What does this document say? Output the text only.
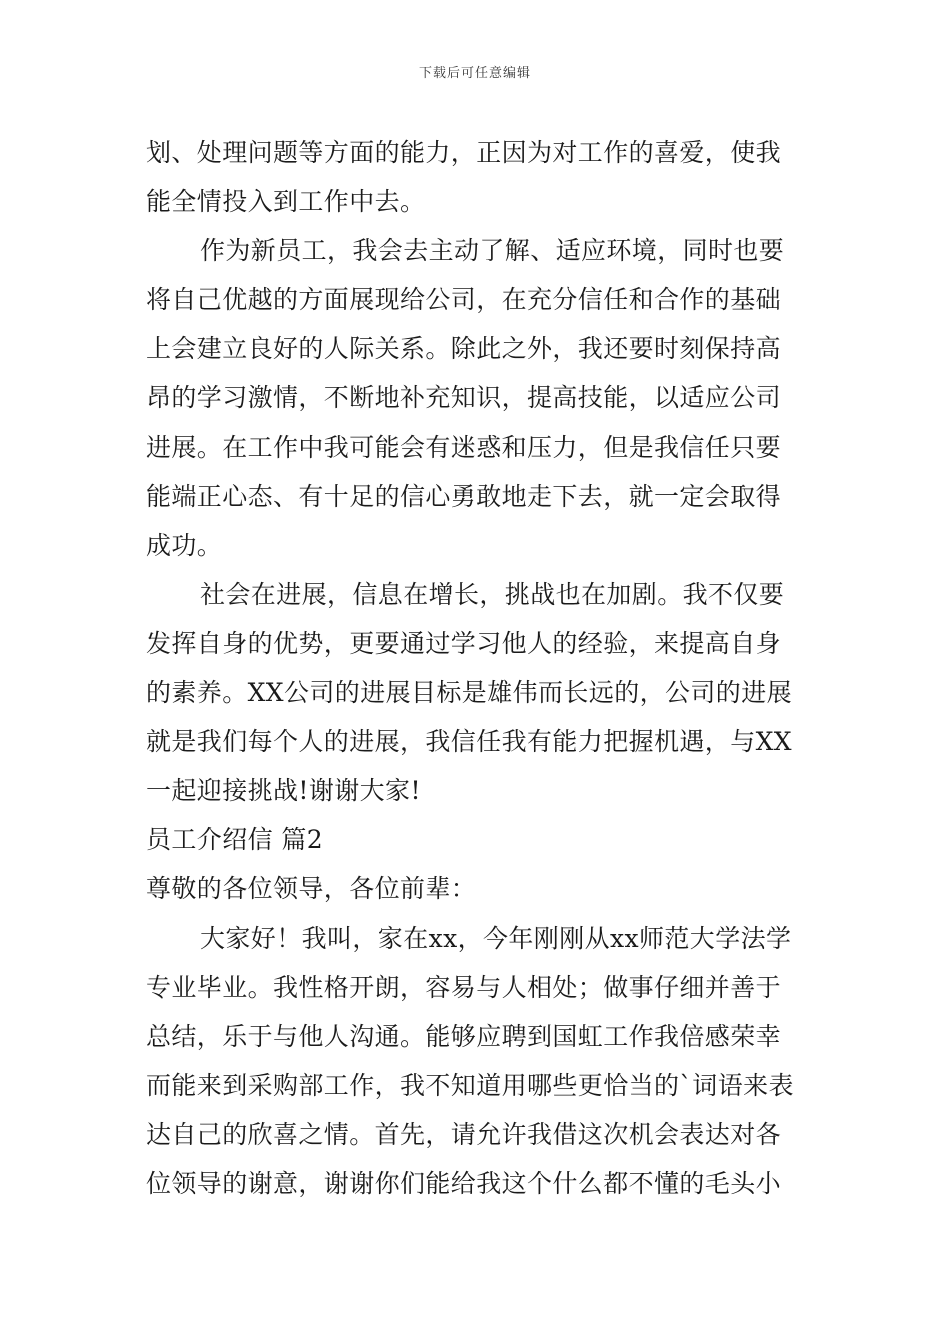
下载后可任意编辑

划、处理问题等方面的能力，正因为对工作的喜爱，使我
能全情投入到工作中去。

作为新员工，我会去主动了解、适应环境，同时也要
将自己优越的方面展现给公司，在充分信任和合作的基础
上会建立良好的人际关系。除此之外，我还要时刻保持高
昂的学习激情，不断地补充知识，提高技能，以适应公司
进展。在工作中我可能会有迷惑和压力，但是我信任只要
能端正心态、有十足的信心勇敢地走下去，就一定会取得
成功。

社会在进展，信息在增长，挑战也在加剧。我不仅要
发挥自身的优势，更要通过学习他人的经验，来提高自身
的素养。XX公司的进展目标是雄伟而长远的，公司的进展
就是我们每个人的进展，我信任我有能力把握机遇，与XX
一起迎接挑战!谢谢大家!

员工介绍信 篇2

尊敬的各位领导，各位前辈：

大家好！我叫，家在xx，今年刚刚从xx师范大学法学
专业毕业。我性格开朗，容易与人相处；做事仔细并善于
总结，乐于与他人沟通。能够应聘到国虹工作我倍感荣幸
而能来到采购部工作，我不知道用哪些更恰当的`词语来表
达自己的欣喜之情。首先，请允许我借这次机会表达对各
位领导的谢意，谢谢你们能给我这个什么都不懂的毛头小
